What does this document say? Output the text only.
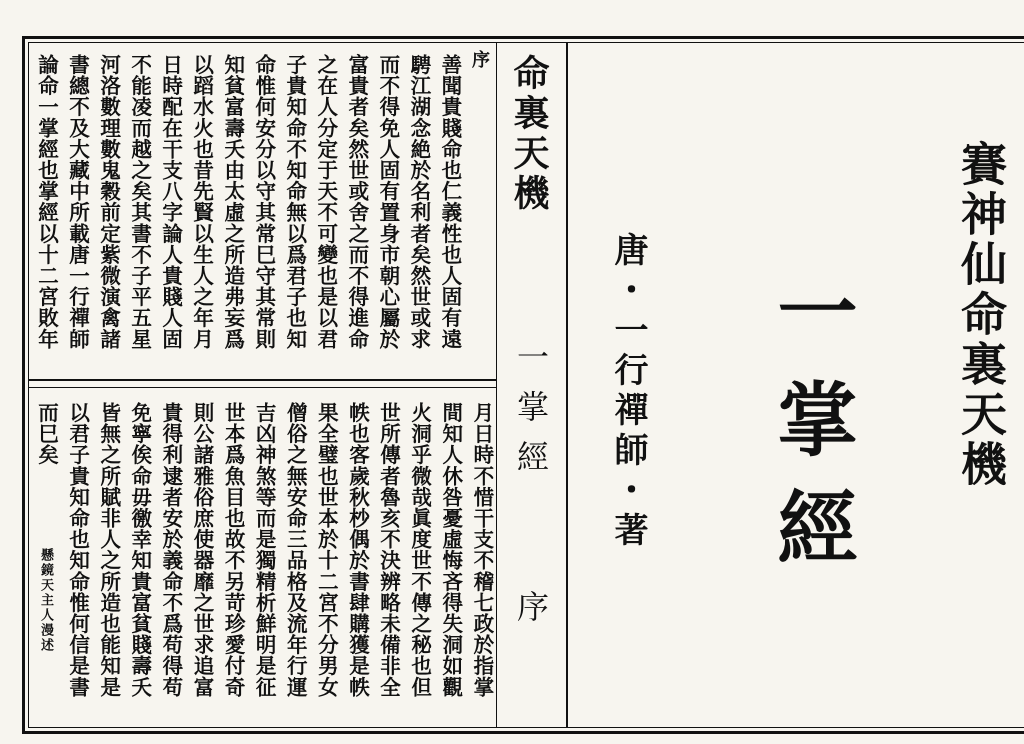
序
善聞貴賤命也仁義性也人固有遠
騁江湖念絶於名利者矣然世或求
而不得免人固有置身市朝心屬於
富貴者矣然世或舍之而不得進命
之在人分定于天不可變也是以君
子貴知命不知命無以爲君子也知
命惟何安分以守其常巳守其常則
知貧富壽夭由太虛之所造弗妄爲
以蹈水火也昔先賢以生人之年月
日時配在干支八字論人貴賤人固
不能凌而越之矣其書不子平五星
河洛數理數鬼穀前定紫微演禽諸
書總不及大藏中所載唐一行禪師
論命一掌經也掌經以十二宮敗年
月日時不惜干支不稽七政於指掌
間知人休咎憂虛悔吝得失洞如觀
火洞乎微哉眞度世不傳之秘也但
世所傳者魯亥不決辨略未備非全
帙也客歲秋杪偶於書肆購獲是帙
果全璧也世本於十二宮不分男女
僧俗之無安命三品格及流年行運
吉凶神煞等而是獨精析鮮明是征
世本爲魚目也故不另苛珍愛付奇
則公諸雅俗庶使器靡之世求追富
貴得利逮者安於義命不爲苟得苟
免寧俟命毋徼幸知貴富貧賤壽夭
皆無之所賦非人之所造也能知是
以君子貴知命也知命惟何信是書
而巳矣
懸鏡天主人漫述
命裏天機
一掌經
序
唐・一行禪師・著 一掌經 賽神仙命裏天機
